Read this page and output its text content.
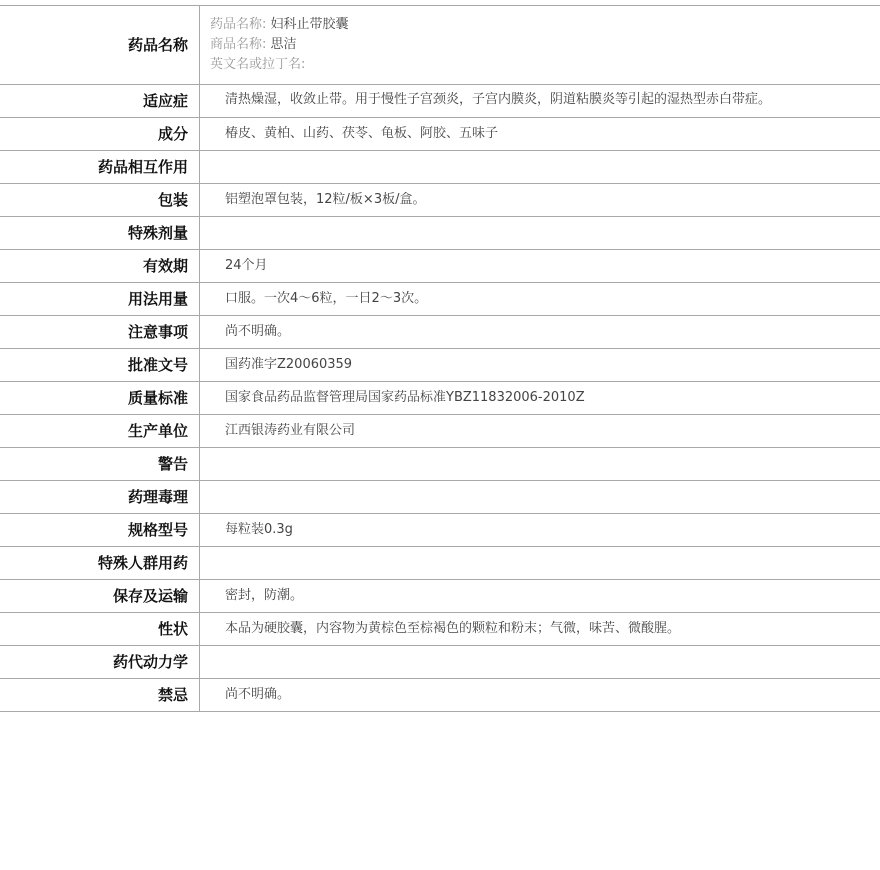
药品名称
药品名称: 妇科止带胶囊
商品名称: 思洁
英文名或拉丁名:
适应症	清热燥湿，收敛止带。用于慢性子宫颈炎，子宫内膜炎，阴道粘膜炎等引起的湿热型赤白带症。
成分	椿皮、黄柏、山药、茯苓、龟板、阿胶、五味子
药品相互作用
包装	铝塑泡罩包装，12粒/板×3板/盒。
特殊剂量
有效期	24个月
用法用量	口服。一次4～6粒，一日2～3次。
注意事项	尚不明确。
批准文号	国药准字Z20060359
质量标准	国家食品药品监督管理局国家药品标准YBZ11832006-2010Z
生产单位	江西银涛药业有限公司
警告
药理毒理
规格型号	每粒装0.3g
特殊人群用药
保存及运输	密封，防潮。
性状	本品为硬胶囊，内容物为黄棕色至棕褐色的颗粒和粉末；气微，味苦、微酸腥。
药代动力学
禁忌	尚不明确。
